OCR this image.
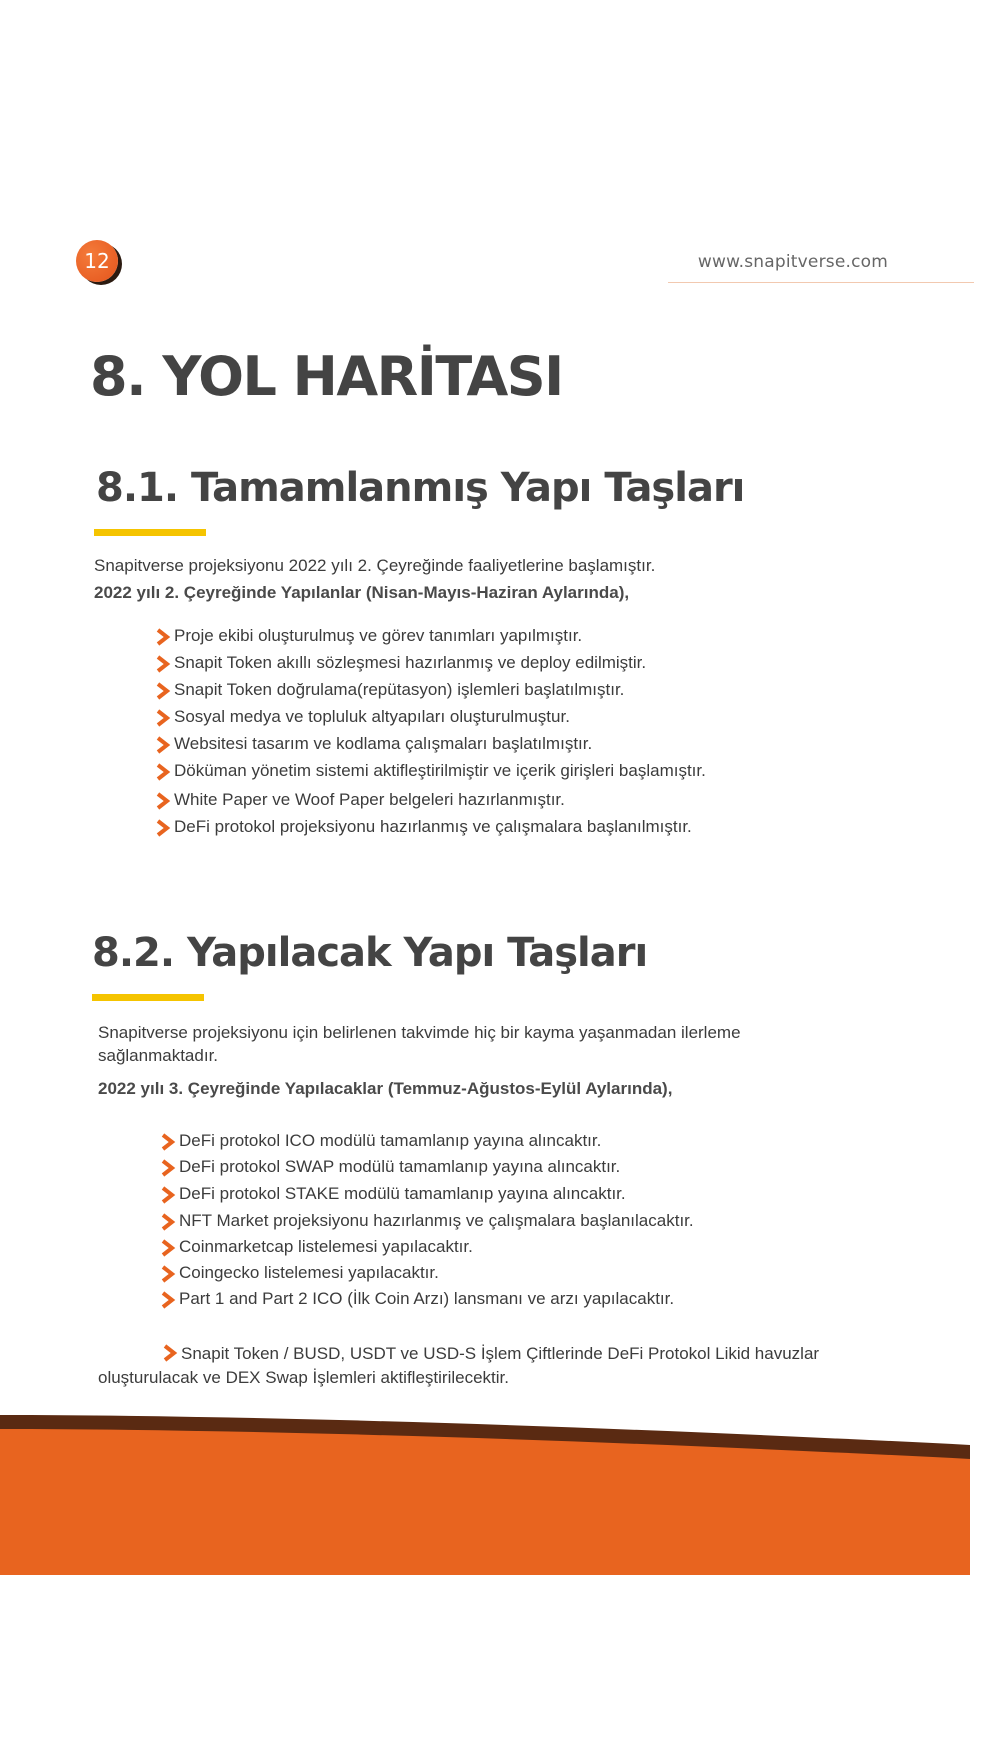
12	www.snapitverse.com
8. YOL HARİTASI
8.1. Tamamlanmış Yapı Taşları

Snapitverse projeksiyonu 2022 yılı 2. Çeyreğinde faaliyetlerine başlamıştır.

2022 yılı 2. Çeyreğinde Yapılanlar (Nisan-Mayıs-Haziran Aylarında),

Proje ekibi oluşturulmuş ve görev tanımları yapılmıştır.
Snapit Token akıllı sözleşmesi hazırlanmış ve deploy edilmiştir.
Snapit Token doğrulama(repütasyon) işlemleri başlatılmıştır.
Sosyal medya ve topluluk altyapıları oluşturulmuştur.
Websitesi tasarım ve kodlama çalışmaları başlatılmıştır.
Döküman yönetim sistemi aktifleştirilmiştir ve içerik girişleri başlamıştır.
White Paper ve Woof Paper belgeleri hazırlanmıştır.
DeFi protokol projeksiyonu hazırlanmış ve çalışmalara başlanılmıştır.
8.2. Yapılacak Yapı Taşları

Snapitverse projeksiyonu için belirlenen takvimde hiç bir kayma yaşanmadan ilerleme
sağlanmaktadır.

2022 yılı 3. Çeyreğinde Yapılacaklar (Temmuz-Ağustos-Eylül Aylarında),

DeFi protokol ICO modülü tamamlanıp yayına alıncaktır.
DeFi protokol SWAP modülü tamamlanıp yayına alıncaktır.
DeFi protokol STAKE modülü tamamlanıp yayına alıncaktır.
NFT Market projeksiyonu hazırlanmış ve çalışmalara başlanılacaktır.
Coinmarketcap listelemesi yapılacaktır.
Coingecko listelemesi yapılacaktır.
Part 1 and Part 2 ICO (İlk Coin Arzı) lansmanı ve arzı yapılacaktır.

Snapit Token / BUSD, USDT ve USD-S İşlem Çiftlerinde DeFi Protokol Likid havuzlar oluşturulacak ve DEX Swap İşlemleri aktifleştirilecektir.
